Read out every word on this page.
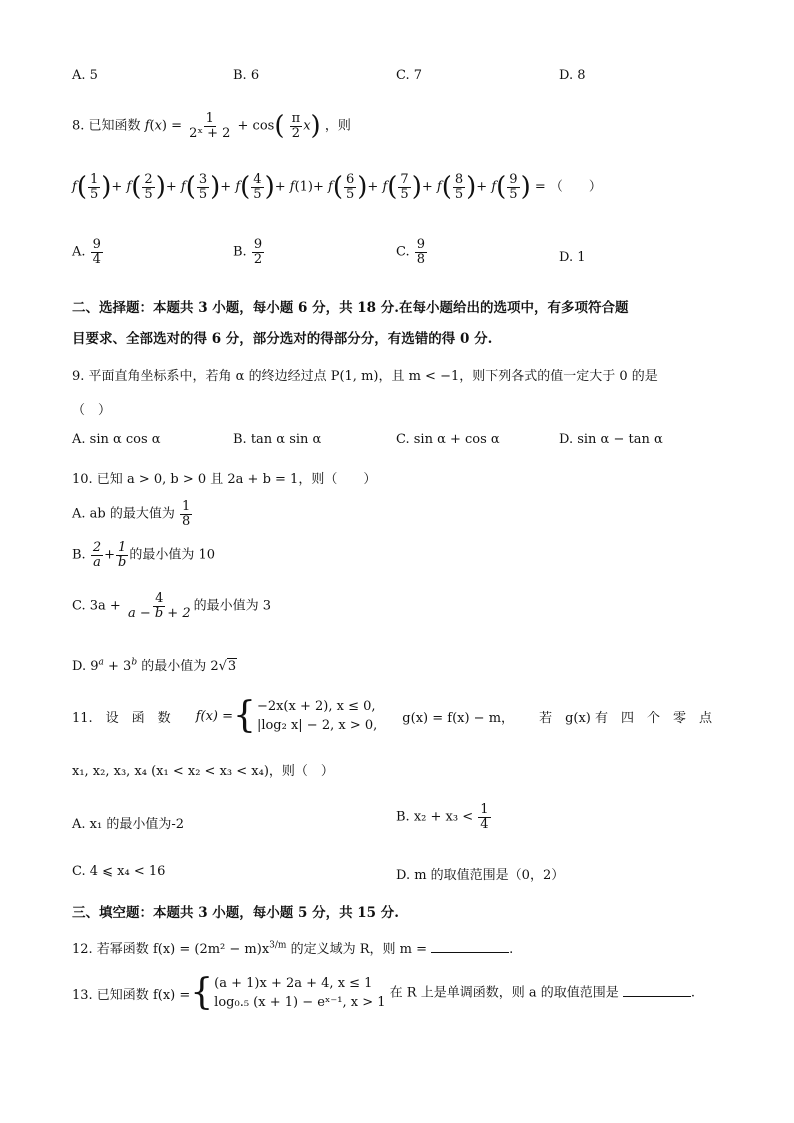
A. 5	B. 6	C. 7	D. 8
8. 已知函数 $f(x) = \frac{1}{\text{2ˣ + 2}} + \cos( \frac{\pi}{2} x)$ ，则
$f( \frac{1}{5}$ )+ $f( \frac{2}{5}$ )+ $f( \frac{3}{5}$ )+ $f( \frac{4}{5}$ )+ $f(1)+ f( \frac{6}{5}$ )+ $f( \frac{7}{5}$ )+ $f( \frac{8}{5}$ )+ $f( \frac{9}{5}$ ) = （　　）
A. $\frac{9}{4}$	B. $\frac{9}{2}$	C. $\frac{9}{8}$	D. 1
二、选择题：本题共 3 小题，每小题 6 分，共 18 分.在每小题给出的选项中，有多项符合题
目要求、全部选对的得 6 分，部分选对的得部分分，有选错的得 0 分.
9. 平面直角坐标系中，若角 α 的终边经过点 P(1, m)，且 m < −1，则下列各式的值一定大于 0 的是
（　）
A. sin α cos α	B. tan α sin α	C. sin α + cos α	D. sin α − tan α
10. 已知 a > 0, b > 0 且 2a + b = 1，则（　　）
A. ab 的最大值为 $\frac{1}{8}$
B. $\frac{2}{a} + \frac{1}{b}$ 的最小值为 10
C. $3a + \frac{4}{a - b + 2}$ 的最小值为 3
D. $9^a + 3^b$ 的最小值为 2√3
11.　设　函　数 f(x) = { −2x(x + 2), x ≤ 0,
|log₂ x| − 2, x > 0, g(x) = f(x) − m， 若　g(x) 有　四　个　零　点
x₁, x₂, x₃, x₄ (x₁ < x₂ < x₃ < x₄)，则（　）
A. x₁ 的最小值为-2	B. $x_2 + x_3 < \frac{1}{4}$
C. 4 ⩽ x₄ < 16	D. m 的取值范围是（0，2）
三、填空题：本题共 3 小题，每小题 5 分，共 15 分.
12. 若幂函数 $f(x) = (2m^2 - m)x^{3/m}$ 的定义域为 R，则 m =	.
13. 已知函数 f(x) = { (a + 1)x + 2a + 4, x ≤ 1
log₀.₅ (x + 1) − eˣ⁻¹, x > 1
在 R 上是单调函数，则 a 的取值范围是	.
